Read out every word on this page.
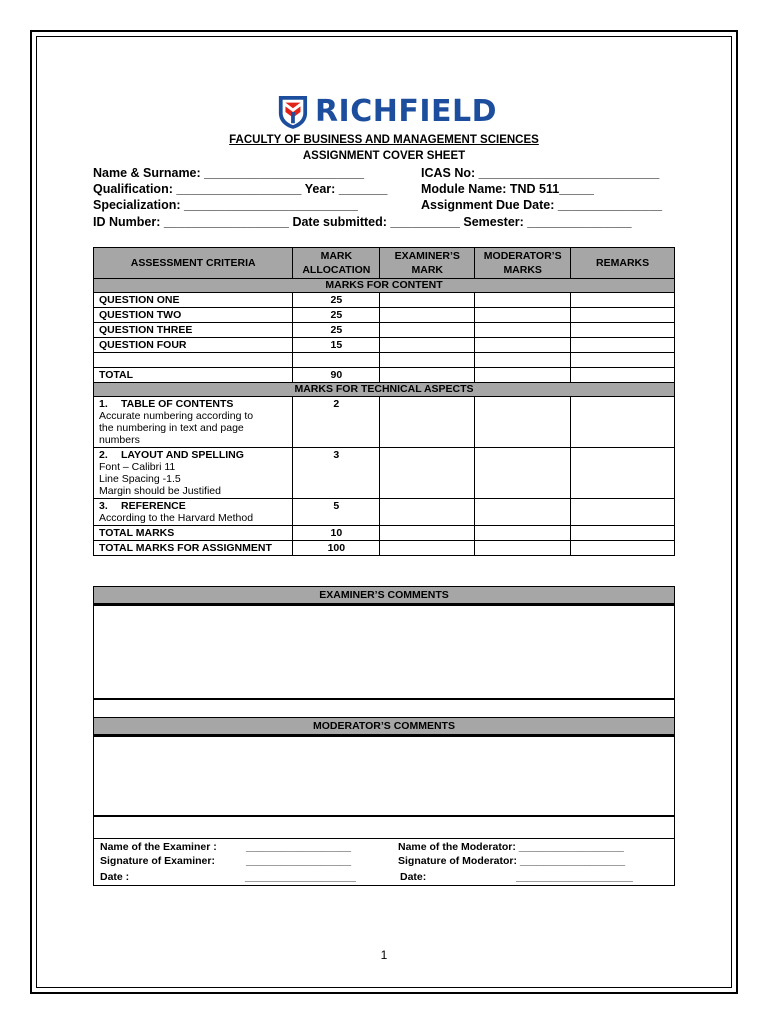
RICHFIELD
FACULTY OF BUSINESS AND MANAGEMENT SCIENCES
ASSIGNMENT COVER SHEET
Name & Surname: _______________________	ICAS No: __________________________
Qualification: __________________ Year: _______	Module Name: TND 511_____
Specialization: _________________________	Assignment Due Date: _______________
ID Number: __________________ Date submitted: __________ Semester: _______________
ASSESSMENT CRITERIA	MARK ALLOCATION	EXAMINER’S MARK	MODERATOR’S MARKS	REMARKS
MARKS FOR CONTENT				
QUESTION ONE	25			
QUESTION TWO	25			
QUESTION THREE	25			
QUESTION FOUR	15			

TOTAL	90			
MARKS FOR TECHNICAL ASPECTS				
1. TABLE OF CONTENTS
Accurate numbering according to
the numbering in text and page
numbers	2			
2. LAYOUT AND SPELLING
Font – Calibri 11
Line Spacing -1.5
Margin should be Justified	3			
3. REFERENCE
According to the Harvard Method	5			
TOTAL MARKS	10			
TOTAL MARKS FOR ASSIGNMENT	100			
EXAMINER’S COMMENTS
MODERATOR’S COMMENTS
Name of the Examiner :	__________________
Signature of Examiner:	__________________
Date :	___________________
Name of the Moderator: __________________
Signature of Moderator: __________________
Date:	____________________
1
